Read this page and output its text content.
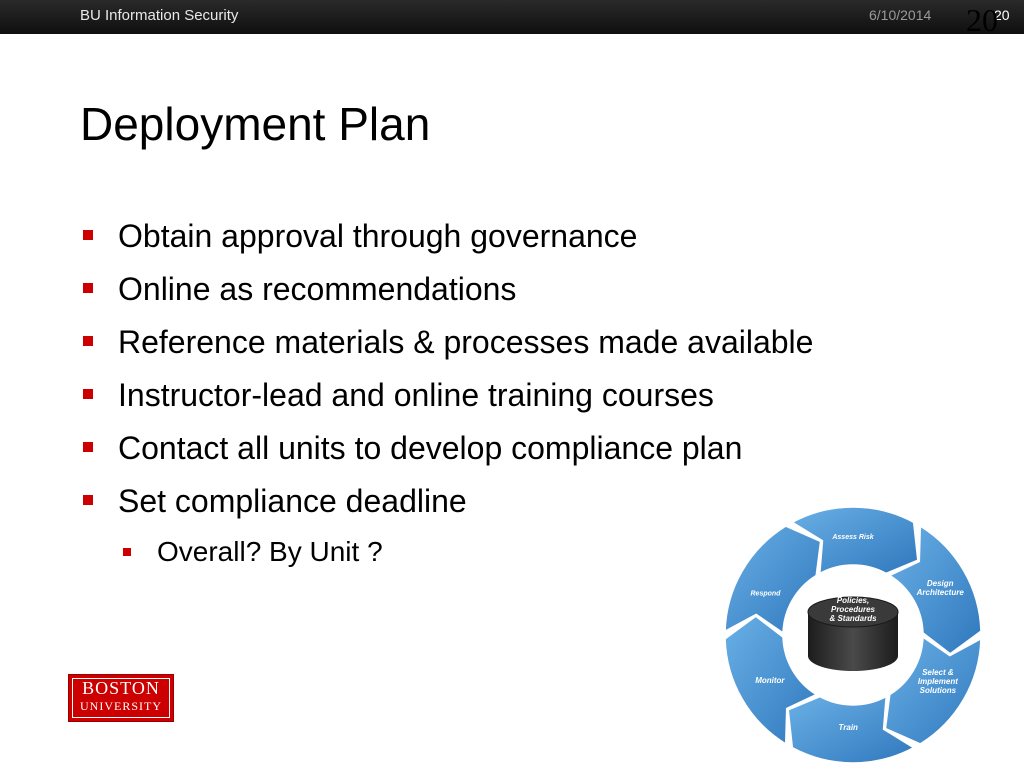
BU Information Security	6/10/2014	20
20
Deployment Plan
Obtain approval through governance
Online as recommendations
Reference materials & processes made available
Instructor-lead and online training courses
Contact all units to develop compliance plan
Set compliance deadline
Overall? By Unit ?
BOSTON
UNIVERSITY
Assess Risk
Design Architecture
Select & Implement Solutions
Train
Monitor
Respond
Policies, Procedures & Standards
